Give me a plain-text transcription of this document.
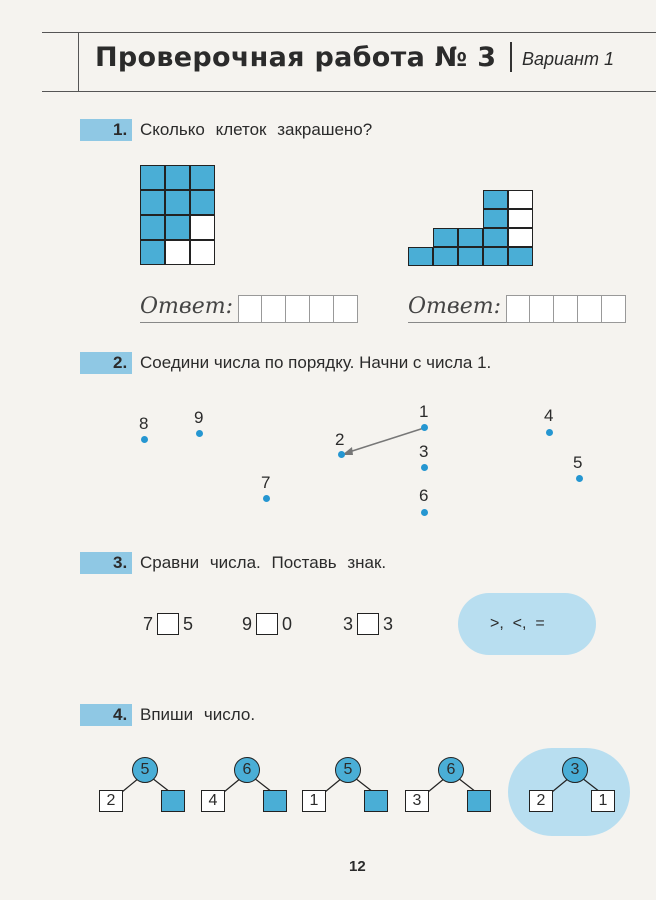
Проверочная работа № 3 Вариант 1
1. Сколько клеток закрашено?
Ответ:	Ответ:
2. Соедини числа по порядку. Начни с числа 1.
8	9	1
2
3
4
5
6
7
3. Сравни числа. Поставь знак.
7 5	9 0	3 3	>,  <,  =
4. Впиши число.
5
2
6
4
5
1
6
3
3
2	1
12
